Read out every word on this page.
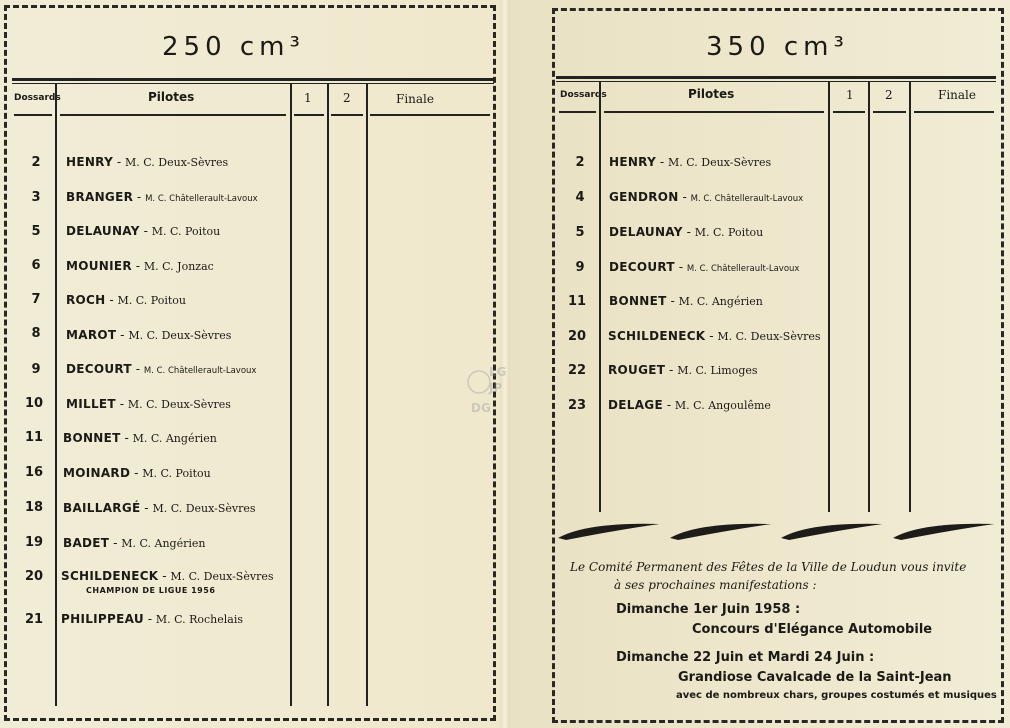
250 cm³
Dossards	Pilotes	1	2	Finale
2	HENRY - M. C. Deux-Sèvres
3	BRANGER - M. C. Châtellerault-Lavoux
5	DELAUNAY - M. C. Poitou
6	MOUNIER - M. C. Jonzac
7	ROCH - M. C. Poitou
8	MAROT - M. C. Deux-Sèvres
9	DECOURT - M. C. Châtellerault-Lavoux
10	MILLET - M. C. Deux-Sèvres
11	BONNET - M. C. Angérien
16	MOINARD - M. C. Poitou
18	BAILLARGÉ - M. C. Deux-Sèvres
19	BADET - M. C. Angérien
20	SCHILDENECK - M. C. Deux-Sèvres
CHAMPION DE LIGUE 1956
21	PHILIPPEAU - M. C. Rochelais
LG
JP
DG
350 cm³
Dossards	Pilotes	1	2	Finale
2	HENRY - M. C. Deux-Sèvres
4	GENDRON - M. C. Châtellerault-Lavoux
5	DELAUNAY - M. C. Poitou
9	DECOURT - M. C. Châtellerault-Lavoux
11	BONNET - M. C. Angérien
20	SCHILDENECK - M. C. Deux-Sèvres
22	ROUGET - M. C. Limoges
23	DELAGE - M. C. Angoulême
Le Comité Permanent des Fêtes de la Ville de Loudun vous invite
à ses prochaines manifestations :
Dimanche 1er Juin 1958 :
Concours d'Elégance Automobile
Dimanche 22 Juin et Mardi 24 Juin :
Grandiose Cavalcade de la Saint-Jean
avec de nombreux chars, groupes costumés et musiques
